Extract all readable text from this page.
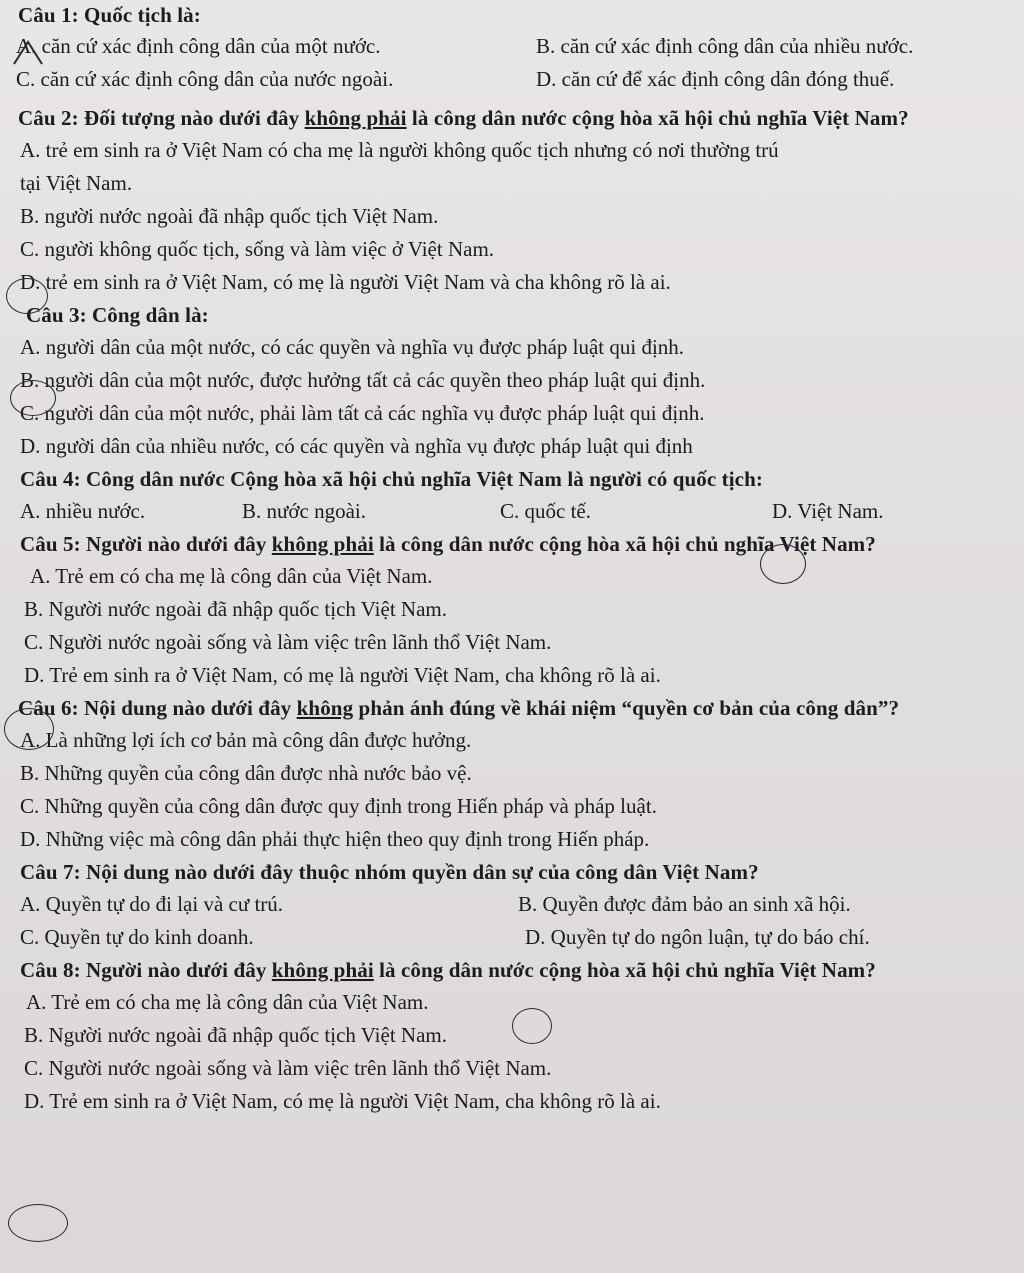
Câu 1: Quốc tịch là:
A. căn cứ xác định công dân của một nước.	B. căn cứ xác định công dân của nhiều nước.
C. căn cứ xác định công dân của nước ngoài.	D. căn cứ để xác định công dân đóng thuế.
Câu 2: Đối tượng nào dưới đây không phải là công dân nước cộng hòa xã hội chủ nghĩa Việt Nam?
A. trẻ em sinh ra ở Việt Nam có cha mẹ là người không quốc tịch nhưng có nơi thường trú
tại Việt Nam.
B. người nước ngoài đã nhập quốc tịch Việt Nam.
C. người không quốc tịch, sống và làm việc ở Việt Nam.
D. trẻ em sinh ra ở Việt Nam, có mẹ là người Việt Nam và cha không rõ là ai.
Câu 3: Công dân là:
A. người dân của một nước, có các quyền và nghĩa vụ được pháp luật qui định.
B. người dân của một nước, được hưởng tất cả các quyền theo pháp luật qui định.
C. người dân của một nước, phải làm tất cả các nghĩa vụ được pháp luật qui định.
D. người dân của nhiều nước, có các quyền và nghĩa vụ được pháp luật qui định
Câu 4: Công dân nước Cộng hòa xã hội chủ nghĩa Việt Nam là người có quốc tịch:
A. nhiều nước.	B. nước ngoài.	C. quốc tế.	D. Việt Nam.
Câu 5: Người nào dưới đây không phải là công dân nước cộng hòa xã hội chủ nghĩa Việt Nam?
A. Trẻ em có cha mẹ là công dân của Việt Nam.
B. Người nước ngoài đã nhập quốc tịch Việt Nam.
C. Người nước ngoài sống và làm việc trên lãnh thổ Việt Nam.
D. Trẻ em sinh ra ở Việt Nam, có mẹ là người Việt Nam, cha không rõ là ai.
Câu 6: Nội dung nào dưới đây không phản ánh đúng về khái niệm “quyền cơ bản của công dân”?
A. Là những lợi ích cơ bản mà công dân được hưởng.
B. Những quyền của công dân được nhà nước bảo vệ.
C. Những quyền của công dân được quy định trong Hiến pháp và pháp luật.
D. Những việc mà công dân phải thực hiện theo quy định trong Hiến pháp.
Câu 7: Nội dung nào dưới đây thuộc nhóm quyền dân sự của công dân Việt Nam?
A. Quyền tự do đi lại và cư trú.	B. Quyền được đảm bảo an sinh xã hội.
C. Quyền tự do kinh doanh.	D. Quyền tự do ngôn luận, tự do báo chí.
Câu 8: Người nào dưới đây không phải là công dân nước cộng hòa xã hội chủ nghĩa Việt Nam?
A. Trẻ em có cha mẹ là công dân của Việt Nam.
B. Người nước ngoài đã nhập quốc tịch Việt Nam.
C. Người nước ngoài sống và làm việc trên lãnh thổ Việt Nam.
D. Trẻ em sinh ra ở Việt Nam, có mẹ là người Việt Nam, cha không rõ là ai.
